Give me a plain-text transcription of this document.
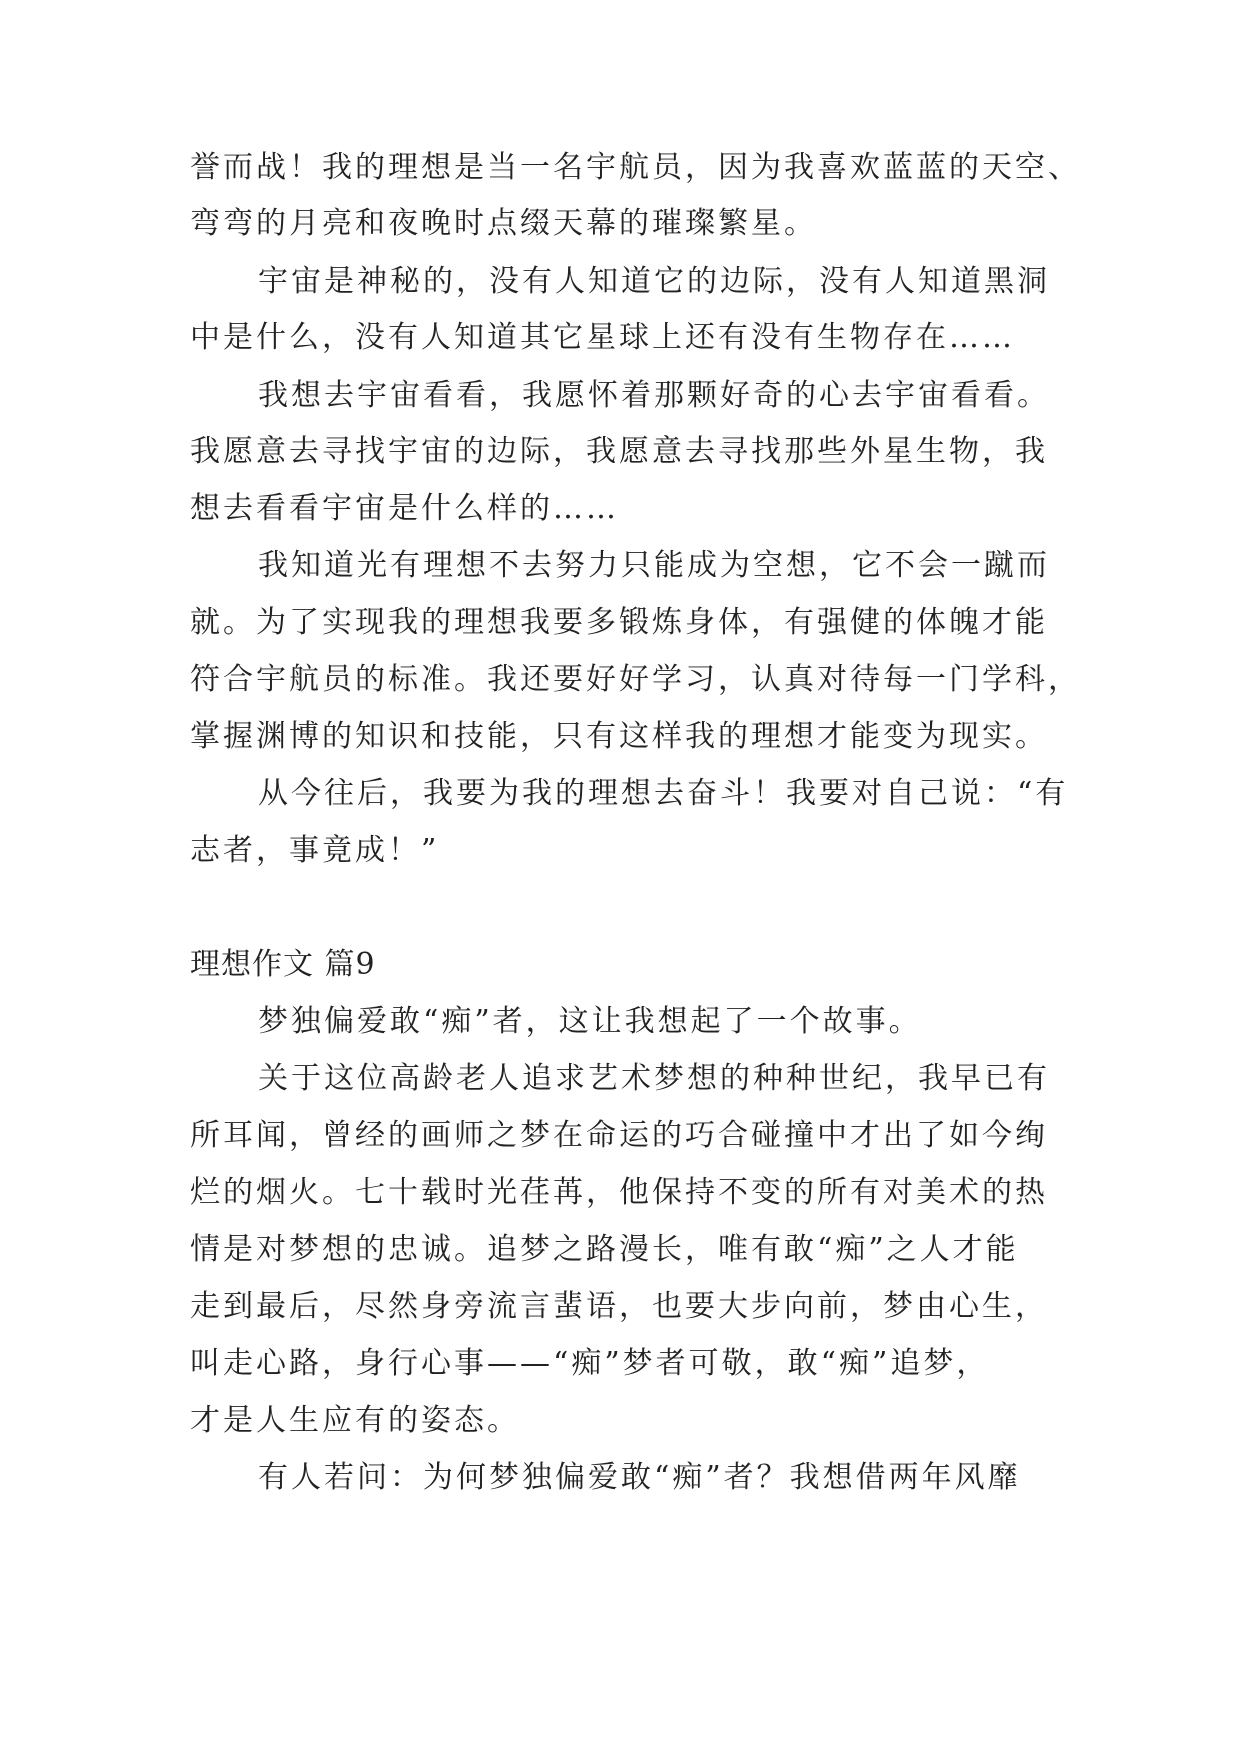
誉而战！我的理想是当一名宇航员，因为我喜欢蓝蓝的天空、
弯弯的月亮和夜晚时点缀天幕的璀璨繁星。
宇宙是神秘的，没有人知道它的边际，没有人知道黑洞
中是什么，没有人知道其它星球上还有没有生物存在……
我想去宇宙看看，我愿怀着那颗好奇的心去宇宙看看。
我愿意去寻找宇宙的边际，我愿意去寻找那些外星生物，我
想去看看宇宙是什么样的……
我知道光有理想不去努力只能成为空想，它不会一蹴而
就。为了实现我的理想我要多锻炼身体，有强健的体魄才能
符合宇航员的标准。我还要好好学习，认真对待每一门学科，
掌握渊博的知识和技能，只有这样我的理想才能变为现实。
从今往后，我要为我的理想去奋斗！我要对自己说：“有
志者，事竟成！”
理想作文 篇9
梦独偏爱敢“痴”者，这让我想起了一个故事。
关于这位高龄老人追求艺术梦想的种种世纪，我早已有
所耳闻，曾经的画师之梦在命运的巧合碰撞中才出了如今绚
烂的烟火。七十载时光荏苒，他保持不变的所有对美术的热
情是对梦想的忠诚。追梦之路漫长，唯有敢“痴”之人才能
走到最后，尽然身旁流言蜚语，也要大步向前，梦由心生，
叫走心路，身行心事——“痴”梦者可敬，敢“痴”追梦，
才是人生应有的姿态。
有人若问：为何梦独偏爱敢“痴”者？我想借两年风靡
